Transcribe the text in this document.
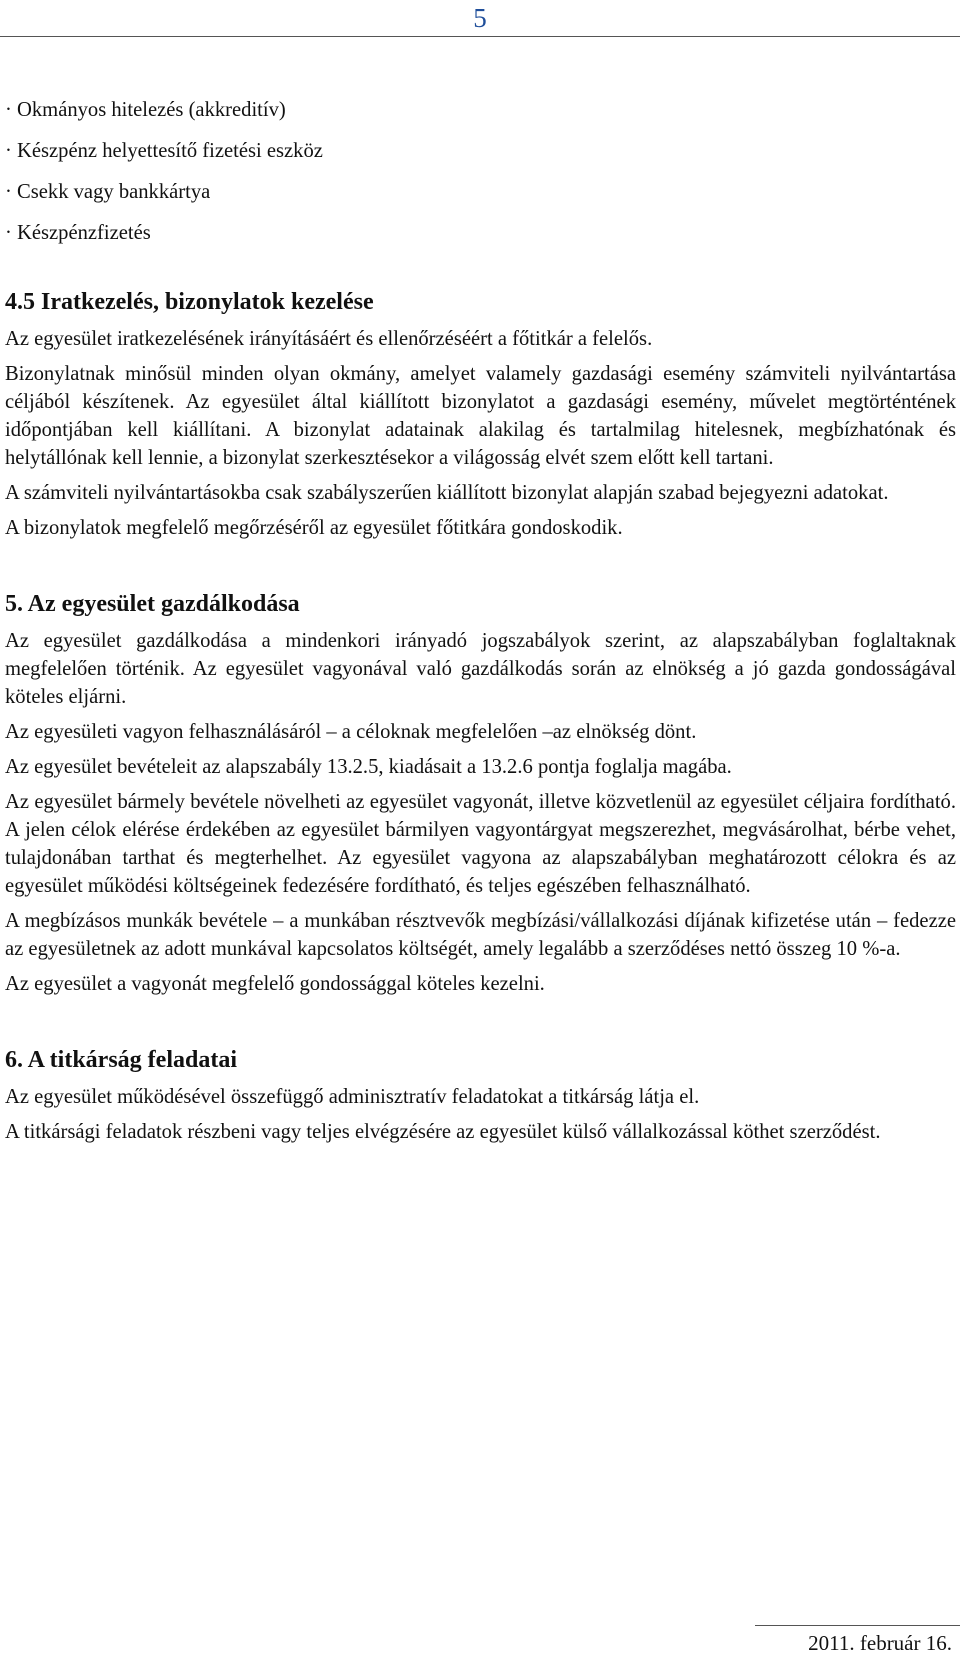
5
· Okmányos hitelezés (akkreditív)
· Készpénz helyettesítő fizetési eszköz
· Csekk vagy bankkártya
· Készpénzfizetés
4.5 Iratkezelés, bizonylatok kezelése

Az egyesület iratkezelésének irányításáért és ellenőrzéséért a főtitkár a felelős.

Bizonylatnak minősül minden olyan okmány, amelyet valamely gazdasági esemény számviteli nyilvántartása céljából készítenek. Az egyesület által kiállított bizonylatot a gazdasági esemény, művelet megtörténtének időpontjában kell kiállítani. A bizonylat adatainak alakilag és tartalmilag hitelesnek, megbízhatónak és helytállónak kell lennie, a bizonylat szerkesztésekor a világosság elvét szem előtt kell tartani.

A számviteli nyilvántartásokba csak szabályszerűen kiállított bizonylat alapján szabad bejegyezni adatokat.

A bizonylatok megfelelő megőrzéséről az egyesület főtitkára gondoskodik.

5. Az egyesület gazdálkodása

Az egyesület gazdálkodása a mindenkori irányadó jogszabályok szerint, az alapszabályban foglaltaknak megfelelően történik. Az egyesület vagyonával való gazdálkodás során az elnökség a jó gazda gondosságával köteles eljárni.

Az egyesületi vagyon felhasználásáról – a céloknak megfelelően –az elnökség dönt.

Az egyesület bevételeit az alapszabály 13.2.5, kiadásait a 13.2.6 pontja foglalja magába.

Az egyesület bármely bevétele növelheti az egyesület vagyonát, illetve közvetlenül az egyesület céljaira fordítható. A jelen célok elérése érdekében az egyesület bármilyen vagyontárgyat megszerezhet, megvásárolhat, bérbe vehet, tulajdonában tarthat és megterhelhet. Az egyesület vagyona az alapszabályban meghatározott célokra és az egyesület működési költségeinek fedezésére fordítható, és teljes egészében felhasználható.

A megbízásos munkák bevétele – a munkában résztvevők megbízási/vállalkozási díjának kifizetése után – fedezze az egyesületnek az adott munkával kapcsolatos költségét, amely legalább a szerződéses nettó összeg 10 %-a.

Az egyesület a vagyonát megfelelő gondossággal köteles kezelni.

6. A titkárság feladatai

Az egyesület működésével összefüggő adminisztratív feladatokat a titkárság látja el.

A titkársági feladatok részbeni vagy teljes elvégzésére az egyesület külső vállalkozással köthet szerződést.

2011. február 16.
